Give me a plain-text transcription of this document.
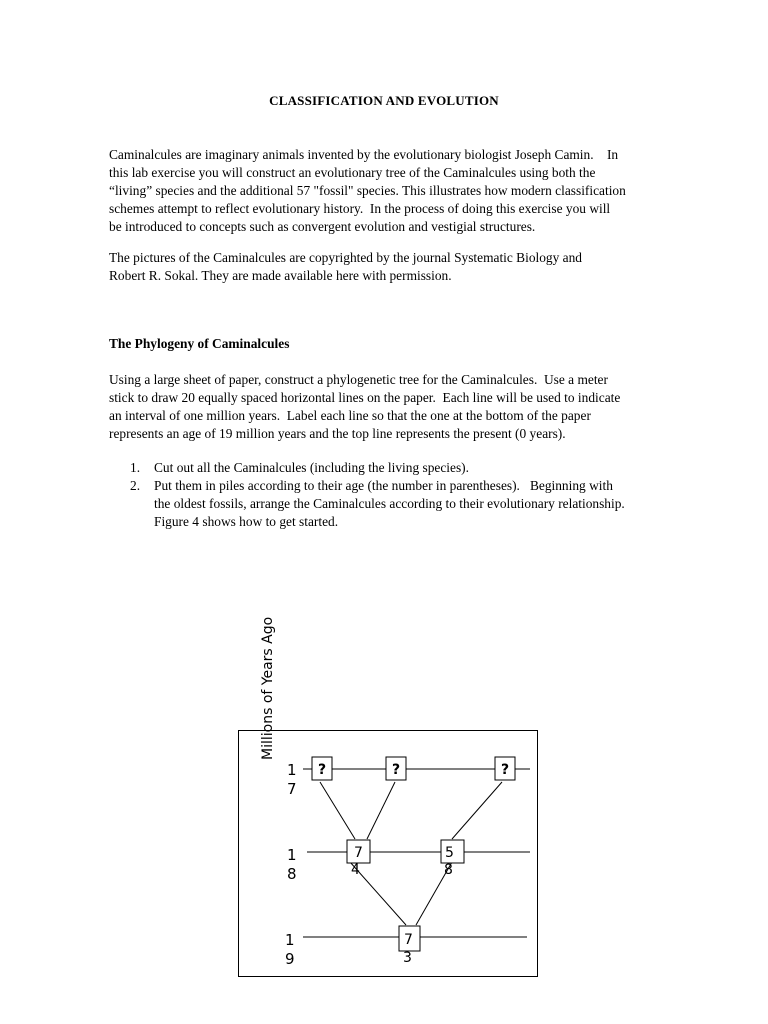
CLASSIFICATION AND EVOLUTION
Caminalcules are imaginary animals invented by the evolutionary biologist Joseph Camin.    In
this lab exercise you will construct an evolutionary tree of the Caminalcules using both the
“living” species and the additional 57 "fossil" species. This illustrates how modern classification
schemes attempt to reflect evolutionary history.  In the process of doing this exercise you will
be introduced to concepts such as convergent evolution and vestigial structures.
The pictures of the Caminalcules are copyrighted by the journal Systematic Biology and
Robert R. Sokal. They are made available here with permission.
The Phylogeny of Caminalcules
Using a large sheet of paper, construct a phylogenetic tree for the Caminalcules.  Use a meter
stick to draw 20 equally spaced horizontal lines on the paper.  Each line will be used to indicate
an interval of one million years.  Label each line so that the one at the bottom of the paper
represents an age of 19 million years and the top line represents the present (0 years).
1. Cut out all the Caminalcules (including the living species).
2. Put them in piles according to their age (the number in parentheses).   Beginning with
the oldest fossils, arrange the Caminalcules according to their evolutionary relationship.
Figure 4 shows how to get started.
Millions of Years Ago
1
7
1
8
1
9
?	?	?
7
4
5
8
7
3
